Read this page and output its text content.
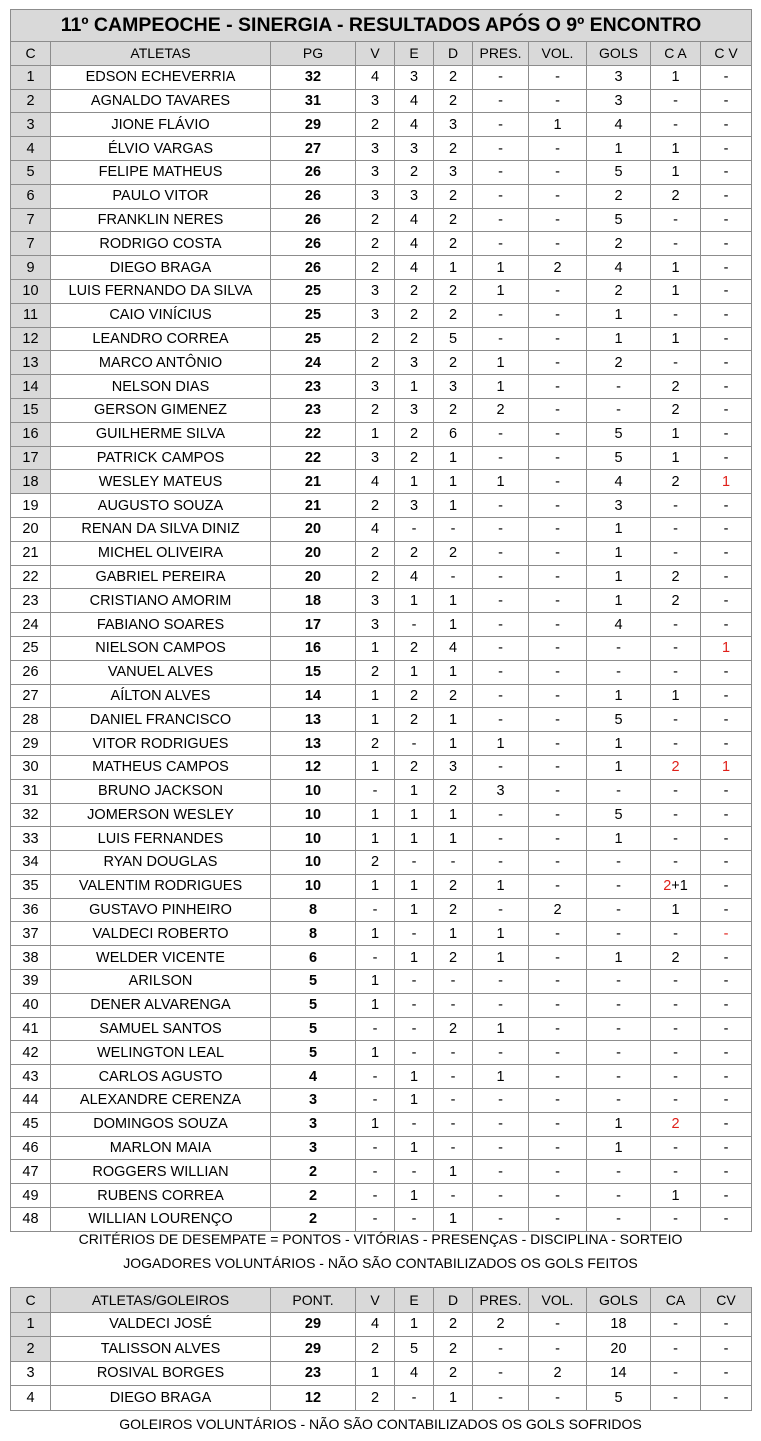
11º CAMPEOCHE - SINERGIA - RESULTADOS APÓS O 9º ENCONTRO										
C	ATLETAS	PG	V	E	D	PRES.	VOL.	GOLS	C A	C V
1	EDSON ECHEVERRIA	32	4	3	2	-	-	3	1	-
2	AGNALDO TAVARES	31	3	4	2	-	-	3	-	-
3	JIONE FLÁVIO	29	2	4	3	-	1	4	-	-
4	ÉLVIO VARGAS	27	3	3	2	-	-	1	1	-
5	FELIPE MATHEUS	26	3	2	3	-	-	5	1	-
6	PAULO VITOR	26	3	3	2	-	-	2	2	-
7	FRANKLIN NERES	26	2	4	2	-	-	5	-	-
7	RODRIGO COSTA	26	2	4	2	-	-	2	-	-
9	DIEGO BRAGA	26	2	4	1	1	2	4	1	-
10	LUIS FERNANDO DA SILVA	25	3	2	2	1	-	2	1	-
11	CAIO VINÍCIUS	25	3	2	2	-	-	1	-	-
12	LEANDRO CORREA	25	2	2	5	-	-	1	1	-
13	MARCO ANTÔNIO	24	2	3	2	1	-	2	-	-
14	NELSON DIAS	23	3	1	3	1	-	-	2	-
15	GERSON GIMENEZ	23	2	3	2	2	-	-	2	-
16	GUILHERME SILVA	22	1	2	6	-	-	5	1	-
17	PATRICK CAMPOS	22	3	2	1	-	-	5	1	-
18	WESLEY MATEUS	21	4	1	1	1	-	4	2	1
19	AUGUSTO SOUZA	21	2	3	1	-	-	3	-	-
20	RENAN DA SILVA DINIZ	20	4	-	-	-	-	1	-	-
21	MICHEL OLIVEIRA	20	2	2	2	-	-	1	-	-
22	GABRIEL PEREIRA	20	2	4	-	-	-	1	2	-
23	CRISTIANO AMORIM	18	3	1	1	-	-	1	2	-
24	FABIANO SOARES	17	3	-	1	-	-	4	-	-
25	NIELSON CAMPOS	16	1	2	4	-	-	-	-	1
26	VANUEL ALVES	15	2	1	1	-	-	-	-	-
27	AÍLTON ALVES	14	1	2	2	-	-	1	1	-
28	DANIEL FRANCISCO	13	1	2	1	-	-	5	-	-
29	VITOR RODRIGUES	13	2	-	1	1	-	1	-	-
30	MATHEUS CAMPOS	12	1	2	3	-	-	1	2	1
31	BRUNO JACKSON	10	-	1	2	3	-	-	-	-
32	JOMERSON WESLEY	10	1	1	1	-	-	5	-	-
33	LUIS FERNANDES	10	1	1	1	-	-	1	-	-
34	RYAN DOUGLAS	10	2	-	-	-	-	-	-	-
35	VALENTIM RODRIGUES	10	1	1	2	1	-	-	2+1	-
36	GUSTAVO PINHEIRO	8	-	1	2	-	2	-	1	-
37	VALDECI ROBERTO	8	1	-	1	1	-	-	-	-
38	WELDER VICENTE	6	-	1	2	1	-	1	2	-
39	ARILSON	5	1	-	-	-	-	-	-	-
40	DENER ALVARENGA	5	1	-	-	-	-	-	-	-
41	SAMUEL SANTOS	5	-	-	2	1	-	-	-	-
42	WELINGTON LEAL	5	1	-	-	-	-	-	-	-
43	CARLOS AGUSTO	4	-	1	-	1	-	-	-	-
44	ALEXANDRE CERENZA	3	-	1	-	-	-	-	-	-
45	DOMINGOS SOUZA	3	1	-	-	-	-	1	2	-
46	MARLON MAIA	3	-	1	-	-	-	1	-	-
47	ROGGERS WILLIAN	2	-	-	1	-	-	-	-	-
49	RUBENS CORREA	2	-	1	-	-	-	-	1	-
48	WILLIAN LOURENÇO	2	-	-	1	-	-	-	-	-
CRITÉRIOS DE DESEMPATE = PONTOS - VITÓRIAS - PRESENÇAS - DISCIPLINA - SORTEIO
JOGADORES VOLUNTÁRIOS - NÃO SÃO CONTABILIZADOS OS GOLS FEITOS
C	ATLETAS/GOLEIROS	PONT.	V	E	D	PRES.	VOL.	GOLS	CA	CV
1	VALDECI JOSÉ	29	4	1	2	2	-	18	-	-
2	TALISSON ALVES	29	2	5	2	-	-	20	-	-
3	ROSIVAL BORGES	23	1	4	2	-	2	14	-	-
4	DIEGO BRAGA	12	2	-	1	-	-	5	-	-
GOLEIROS VOLUNTÁRIOS - NÃO SÃO CONTABILIZADOS OS GOLS SOFRIDOS
